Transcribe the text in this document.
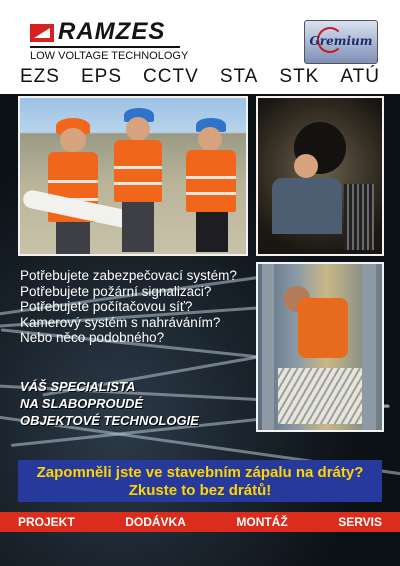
RAMZES
LOW VOLTAGE TECHNOLOGY
Gremium
EZS EPS CCTV STA STK ATÚ
Potřebujete zabezpečovací systém?
Potřebujete požární signalizaci?
Potřebujete počítačovou síť?
Kamerový systém s nahráváním?
Nebo něco podobného?
VÁŠ SPECIALISTA
NA SLABOPROUDÉ
OBJEKTOVÉ TECHNOLOGIE
Zapomněli jste ve stavebním zápalu na dráty?
Zkuste to bez drátů!
PROJEKT	DODÁVKA	MONTÁŽ	SERVIS
